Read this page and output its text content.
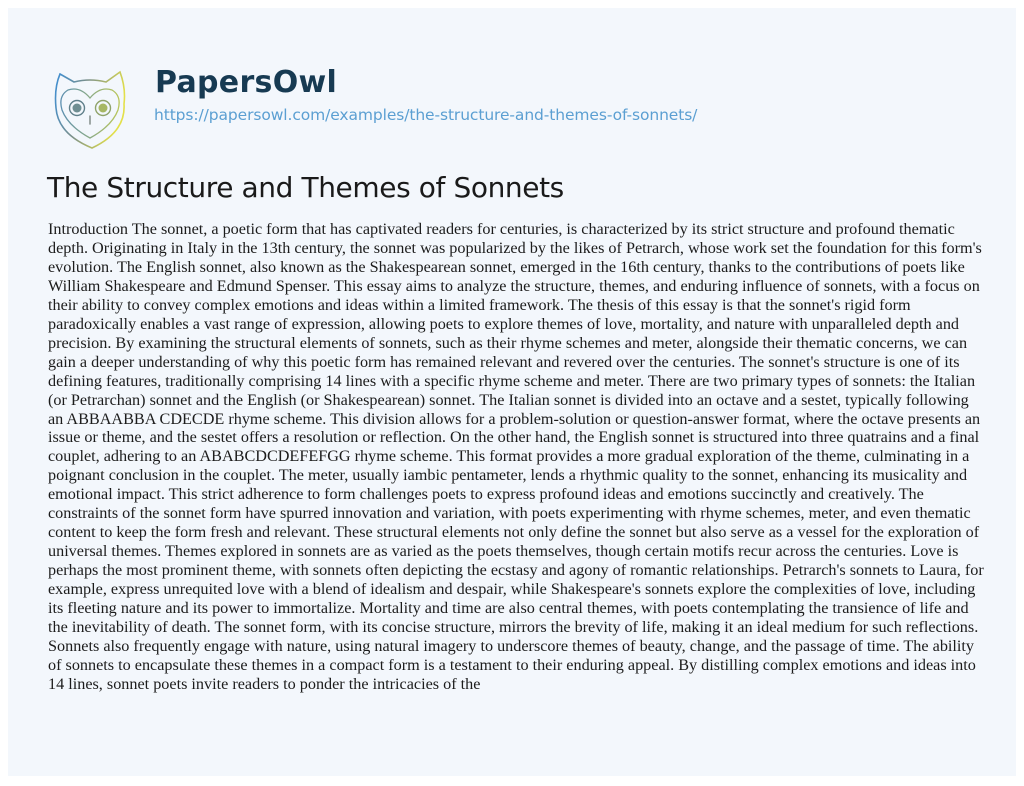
PapersOwl
https://papersowl.com/examples/the-structure-and-themes-of-sonnets/
The Structure and Themes of Sonnets
Introduction The sonnet, a poetic form that has captivated readers for centuries, is characterized by its strict structure and profound thematic
depth. Originating in Italy in the 13th century, the sonnet was popularized by the likes of Petrarch, whose work set the foundation for this form's
evolution. The English sonnet, also known as the Shakespearean sonnet, emerged in the 16th century, thanks to the contributions of poets like
William Shakespeare and Edmund Spenser. This essay aims to analyze the structure, themes, and enduring influence of sonnets, with a focus on
their ability to convey complex emotions and ideas within a limited framework. The thesis of this essay is that the sonnet's rigid form
paradoxically enables a vast range of expression, allowing poets to explore themes of love, mortality, and nature with unparalleled depth and
precision. By examining the structural elements of sonnets, such as their rhyme schemes and meter, alongside their thematic concerns, we can
gain a deeper understanding of why this poetic form has remained relevant and revered over the centuries. The sonnet's structure is one of its
defining features, traditionally comprising 14 lines with a specific rhyme scheme and meter. There are two primary types of sonnets: the Italian
(or Petrarchan) sonnet and the English (or Shakespearean) sonnet. The Italian sonnet is divided into an octave and a sestet, typically following
an ABBAABBA CDECDE rhyme scheme. This division allows for a problem-solution or question-answer format, where the octave presents an
issue or theme, and the sestet offers a resolution or reflection. On the other hand, the English sonnet is structured into three quatrains and a final
couplet, adhering to an ABABCDCDEFEFGG rhyme scheme. This format provides a more gradual exploration of the theme, culminating in a
poignant conclusion in the couplet. The meter, usually iambic pentameter, lends a rhythmic quality to the sonnet, enhancing its musicality and
emotional impact. This strict adherence to form challenges poets to express profound ideas and emotions succinctly and creatively. The
constraints of the sonnet form have spurred innovation and variation, with poets experimenting with rhyme schemes, meter, and even thematic
content to keep the form fresh and relevant. These structural elements not only define the sonnet but also serve as a vessel for the exploration of
universal themes. Themes explored in sonnets are as varied as the poets themselves, though certain motifs recur across the centuries. Love is
perhaps the most prominent theme, with sonnets often depicting the ecstasy and agony of romantic relationships. Petrarch's sonnets to Laura, for
example, express unrequited love with a blend of idealism and despair, while Shakespeare's sonnets explore the complexities of love, including
its fleeting nature and its power to immortalize. Mortality and time are also central themes, with poets contemplating the transience of life and
the inevitability of death. The sonnet form, with its concise structure, mirrors the brevity of life, making it an ideal medium for such reflections.
Sonnets also frequently engage with nature, using natural imagery to underscore themes of beauty, change, and the passage of time. The ability
of sonnets to encapsulate these themes in a compact form is a testament to their enduring appeal. By distilling complex emotions and ideas into
14 lines, sonnet poets invite readers to ponder the intricacies of the
